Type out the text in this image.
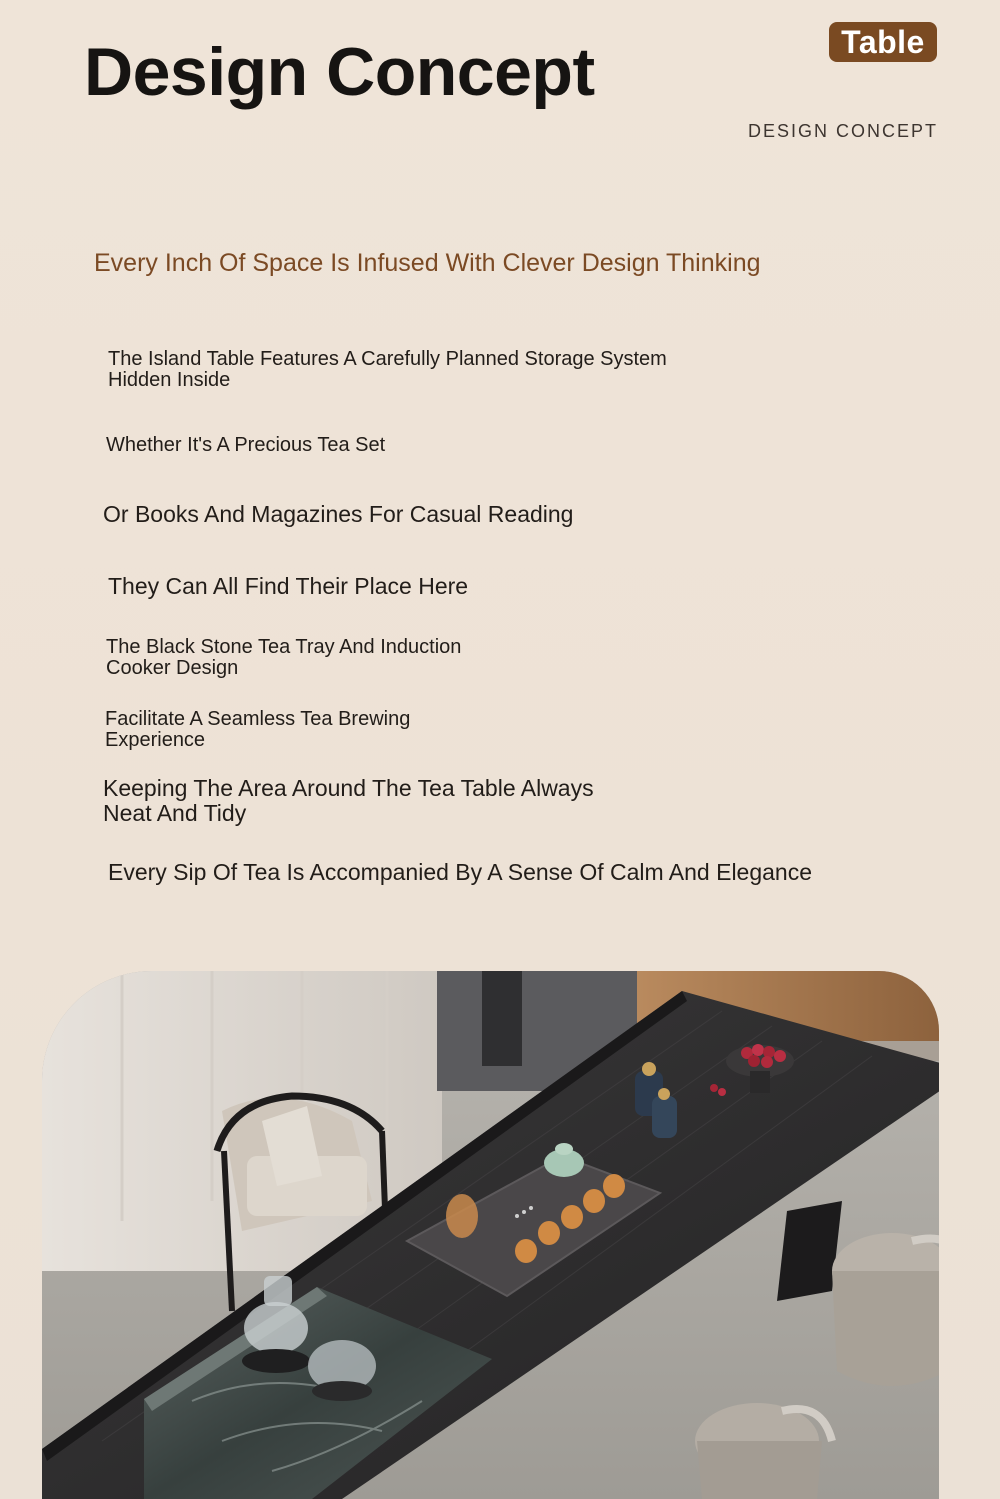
Design Concept	Table
DESIGN CONCEPT
Every Inch Of Space Is Infused With Clever Design Thinking
The Island Table Features A Carefully Planned Storage System
Hidden Inside
Whether It's A Precious Tea Set
Or Books And Magazines For Casual Reading
They Can All Find Their Place Here
The Black Stone Tea Tray And Induction
Cooker Design
Facilitate A Seamless Tea Brewing
Experience
Keeping The Area Around The Tea Table Always
Neat And Tidy
Every Sip Of Tea Is Accompanied By A Sense Of Calm And Elegance
